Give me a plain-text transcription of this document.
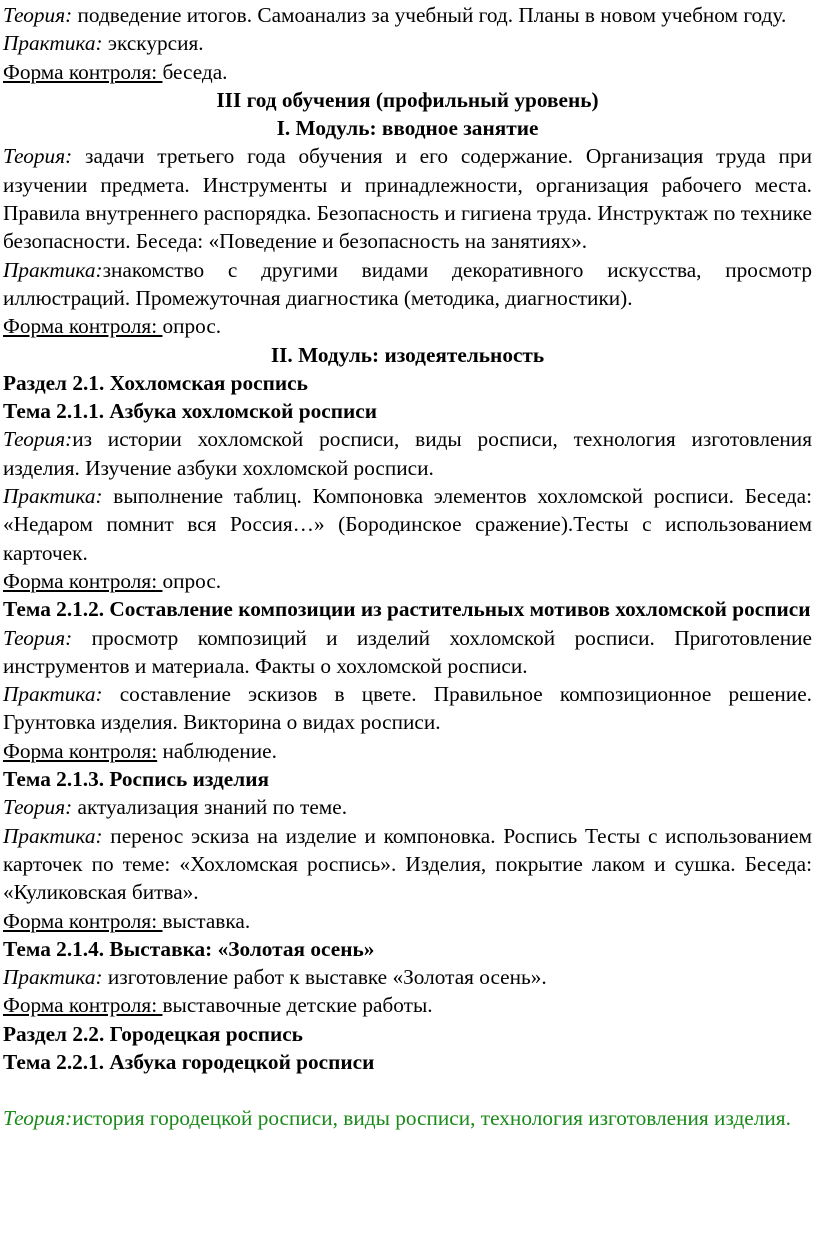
Теория: подведение итогов. Самоанализ за учебный год. Планы в новом учебном году.

Практика: экскурсия.

Форма контроля: беседа.

III год обучения (профильный уровень)

I. Модуль: вводное занятие

Теория: задачи третьего года обучения и его содержание. Организация труда при изучении предмета. Инструменты и принадлежности, организация рабочего места. Правила внутреннего распорядка. Безопасность и гигиена труда. Инструктаж по технике безопасности. Беседа: «Поведение и безопасность на занятиях».

Практика:знакомство с другими видами декоративного искусства, просмотр иллюстраций. Промежуточная диагностика (методика, диагностики).

Форма контроля: опрос.

II. Модуль: изодеятельность

Раздел 2.1. Хохломская роспись

Тема 2.1.1. Азбука хохломской росписи

Теория:из истории хохломской росписи, виды росписи, технология изготовления изделия. Изучение азбуки хохломской росписи.

Практика: выполнение таблиц. Компоновка элементов хохломской росписи. Беседа: «Недаром помнит вся Россия…» (Бородинское сражение).Тесты с использованием карточек.

Форма контроля: опрос.

Тема 2.1.2. Составление композиции из растительных мотивов хохломской росписи

Теория: просмотр композиций и изделий хохломской росписи. Приготовление инструментов и материала. Факты о хохломской росписи.

Практика: составление эскизов в цвете. Правильное композиционное решение. Грунтовка изделия. Викторина о видах росписи.

Форма контроля: наблюдение.

Тема 2.1.3. Роспись изделия

Теория: актуализация знаний по теме.

Практика: перенос эскиза на изделие и компоновка. Роспись Тесты с использованием карточек по теме: «Хохломская роспись». Изделия, покрытие лаком и сушка. Беседа: «Куликовская битва».

Форма контроля: выставка.

Тема 2.1.4. Выставка: «Золотая осень»

Практика: изготовление работ к выставке «Золотая осень».

Форма контроля: выставочные детские работы.

Раздел 2.2. Городецкая роспись

Тема 2.2.1. Азбука городецкой росписи

Теория:история городецкой росписи, виды росписи, технология изготовления изделия.
